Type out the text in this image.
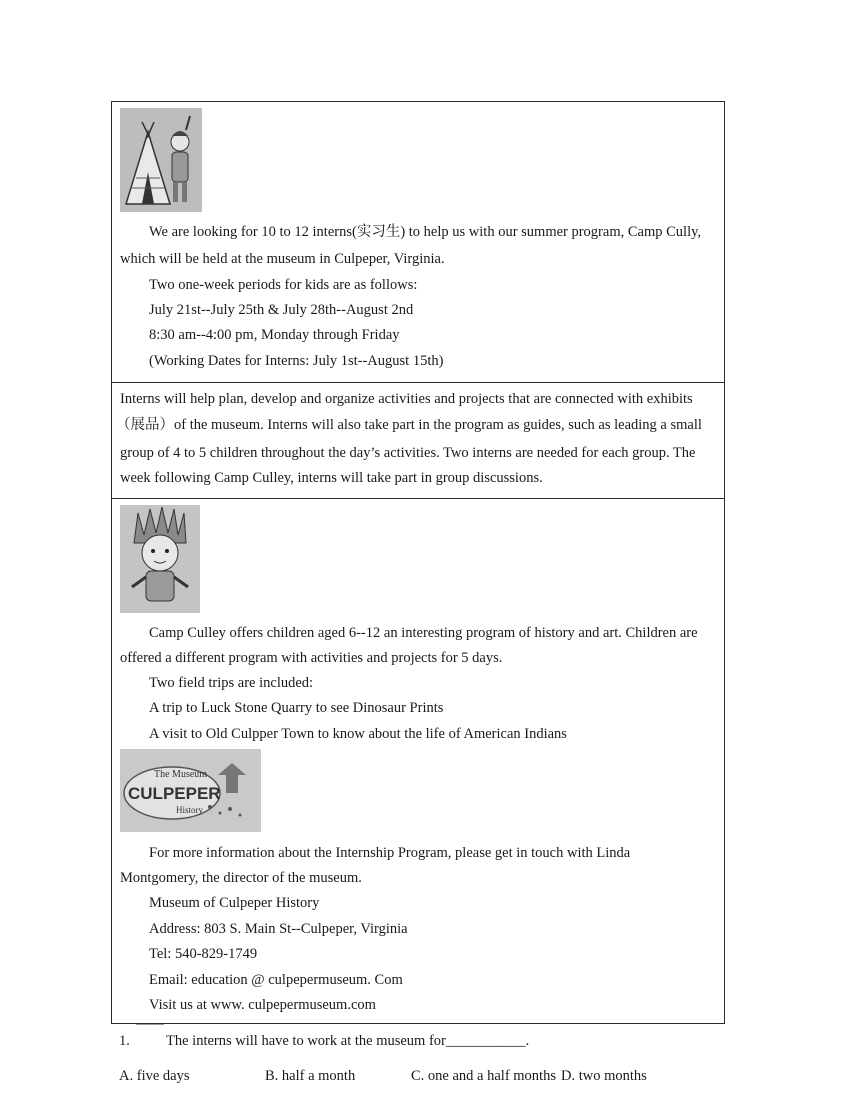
We are looking for 10 to 12 interns(实习生) to help us with our summer program, Camp Cully,
which will be held at the museum in Culpeper, Virginia.
Two one-week periods for kids are as follows:
July 21st--July 25th & July 28th--August 2nd
8:30 am--4:00 pm, Monday through Friday
(Working Dates for Interns: July 1st--August 15th)
Interns will help plan, develop and organize activities and projects that are connected with exhibits
（展品）of the museum. Interns will also take part in the program as guides, such as leading a small
group of 4 to 5 children throughout the day’s activities. Two interns are needed for each group. The
week following Camp Culley, interns will take part in group discussions.
Camp Culley offers children aged 6--12 an interesting program of history and art. Children are
offered a different program with activities and projects for 5 days.
Two field trips are included:
A trip to Luck Stone Quarry to see Dinosaur Prints
A visit to Old Culpper Town to know about the life of American Indians
The Museum
CULPEPER
History
For more information about the Internship Program, please get in touch with Linda
Montgomery, the director of the museum.
Museum of Culpeper History
Address: 803 S. Main St--Culpeper, Virginia
Tel: 540-829-1749
Email: education @ culpepermuseum. Com
Visit us at www. culpepermuseum.com
1. The interns will have to work at the museum for___________.
A. five days	B. half a month	C. one and a half months D. two months
